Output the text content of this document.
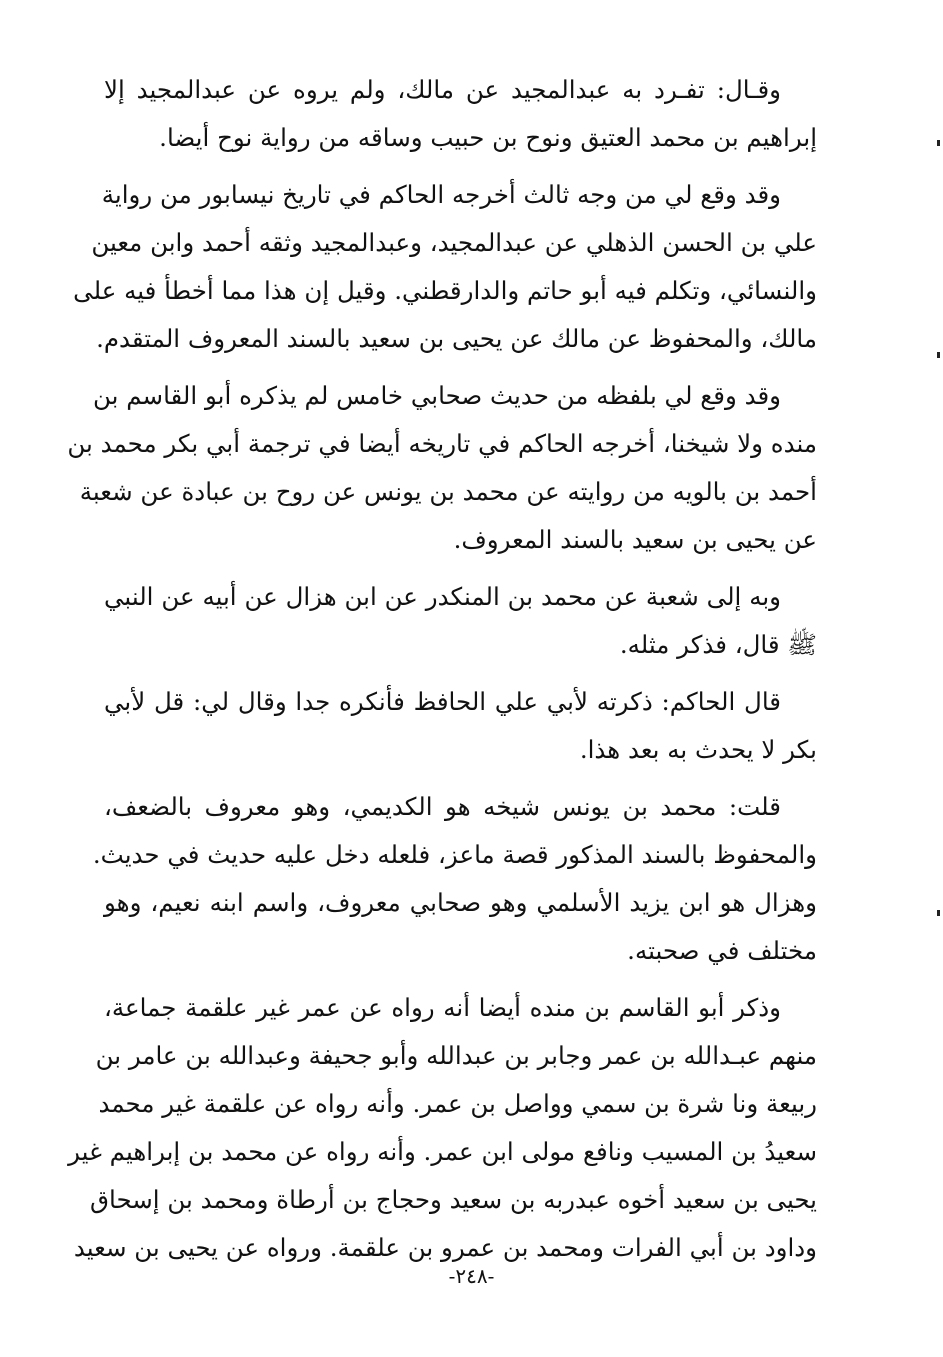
وقـال: تفـرد به عبدالمجيد عن مالك، ولم يروه عن عبدالمجيد إلا
إبراهيم بن محمد العتيق ونوح بن حبيب وساقه من رواية نوح أيضا.

وقد وقع لي من وجه ثالث أخرجه الحاكم في تاريخ نيسابور من رواية
علي بن الحسن الذهلي عن عبدالمجيد، وعبدالمجيد وثقه أحمد وابن معين
والنسائي، وتكلم فيه أبو حاتم والدارقطني. وقيل إن هذا مما أخطأ فيه على
مالك، والمحفوظ عن مالك عن يحيى بن سعيد بالسند المعروف المتقدم.

وقد وقع لي بلفظه من حديث صحابي خامس لم يذكره أبو القاسم بن
منده ولا شيخنا، أخرجه الحاكم في تاريخه أيضا في ترجمة أبي بكر محمد بن
أحمد بن بالويه من روايته عن محمد بن يونس عن روح بن عبادة عن شعبة
عن يحيى بن سعيد بالسند المعروف.

وبه إلى شعبة عن محمد بن المنكدر عن ابن هزال عن أبيه عن النبي
ﷺ قال، فذكر مثله.

قال الحاكم: ذكرته لأبي علي الحافظ فأنكره جدا وقال لي: قل لأبي
بكر لا يحدث به بعد هذا.

قلت: محمد بن يونس شيخه هو الكديمي، وهو معروف بالضعف،
والمحفوظ بالسند المذكور قصة ماعز، فلعله دخل عليه حديث في حديث.
وهزال هو ابن يزيد الأسلمي وهو صحابي معروف، واسم ابنه نعيم، وهو
مختلف في صحبته.

وذكر أبو القاسم بن منده أيضا أنه رواه عن عمر غير علقمة جماعة،
منهم عبـدالله بن عمر وجابر بن عبدالله وأبو جحيفة وعبدالله بن عامر بن
ربيعة ونا شرة بن سمي وواصل بن عمر. وأنه رواه عن علقمة غير محمد
سعيدُ بن المسيب ونافع مولى ابن عمر. وأنه رواه عن محمد بن إبراهيم غير
يحيى بن سعيد أخوه عبدربه بن سعيد وحجاج بن أرطاة ومحمد بن إسحاق
وداود بن أبي الفرات ومحمد بن عمرو بن علقمة. ورواه عن يحيى بن سعيد

-٢٤٨-
